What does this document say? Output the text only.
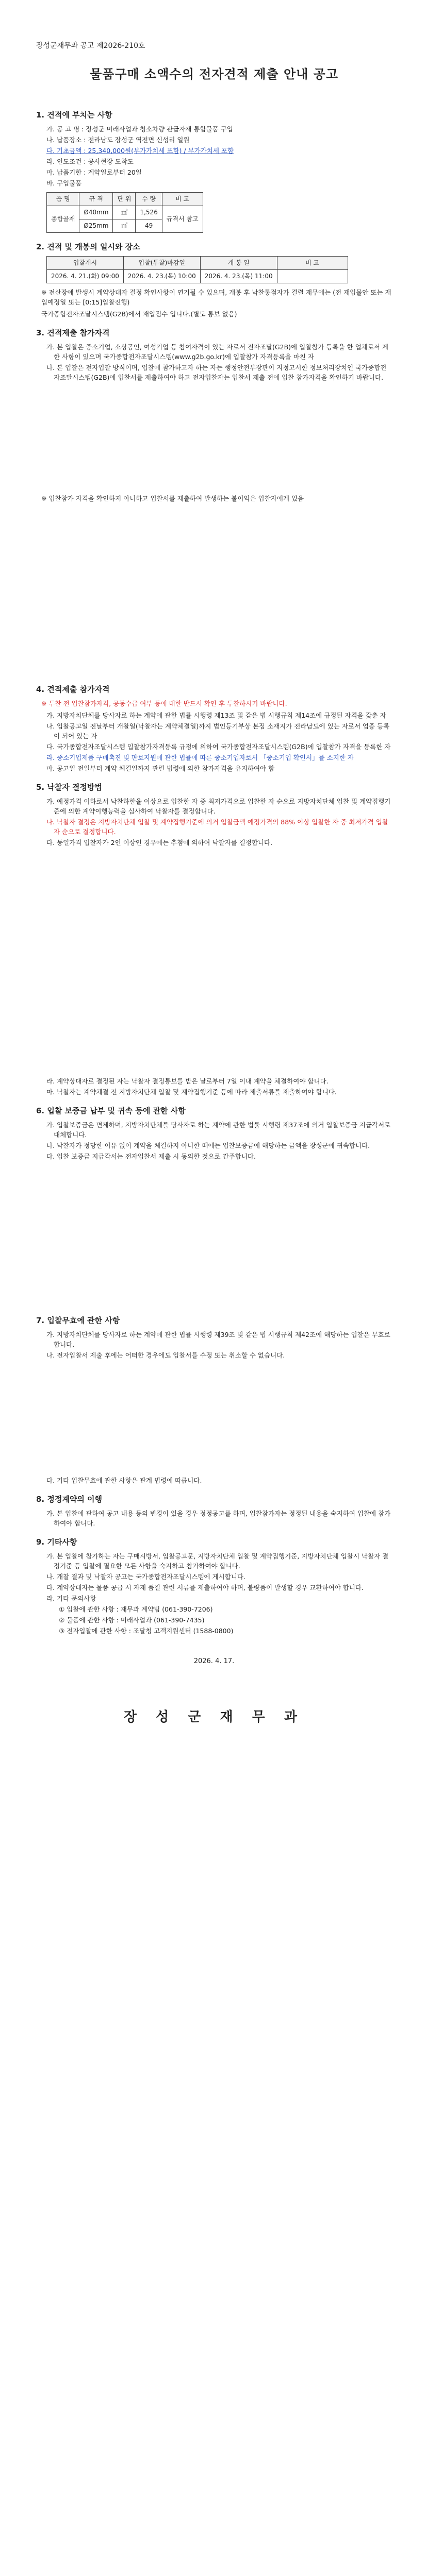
장성군재무과 공고 제2026-210호
물품구매 소액수의 전자견적 제출 안내 공고
1. 견적에 부치는 사항
가. 공 고 명 : 장성군 미래사업과 청소차량 관급자재 통합물품 구입
나. 납품장소 : 전라남도 장성군 역전면 신성리 일원
다. 기초금액 : 25,340,000원(부가가치세 포함) / 부가가치세 포함
라. 인도조건 : 공사현장 도착도
마. 납품기한 : 계약일로부터 20일
바. 구입물품
품 명	규 격	단 위	수 량	비 고
종합골재	Ø40mm	㎥	1,526	규격서 참고
	Ø25mm	㎥	49	
2. 견적 및 개봉의 일시와 장소
입찰개시	입찰(투찰)마감일	개 봉 일	비 고
2026. 4. 21.(화) 09:00	2026. 4. 23.(목) 10:00	2026. 4. 23.(목) 11:00	
※ 전산장애 발생시 계약상대자 결정 확인사항이 연기될 수 있으며, 개봉 후 낙찰통점자가 결렬 재무에는 (전 재입물안 또는 재입예정일 또는 [0:15]입찰진행)
국가종합전자조달시스템(G2B)에서 재입점수 입니다.(별도 통보 없음)
3. 견적제출 참가자격
가. 본 입찰은 중소기업, 소상공인, 여성기업 등 참여자격이 있는 자로서 전자조달(G2B)에 입찰참가 등록을 한 업체로서 제한 사항이 있으며 국가종합전자조달시스템(www.g2b.go.kr)에 입찰참가 자격등록을 마친 자
나. 본 입찰은 전자입찰 방식이며, 입찰에 참가하고자 하는 자는 행정안전부장관이 지정고시한 정보처리장치인 국가종합전자조달시스템(G2B)에 입찰서를 제출하여야 하고 전자입찰자는 입찰서 제출 전에 입찰 참가자격을 확인하기 바랍니다.
※ 입찰참가 자격을 확인하지 아니하고 입찰서를 제출하여 발생하는 불이익은 입찰자에게 있음
4. 견적제출 참가자격
※ 투찰 전 입찰참가자격, 공동수급 여부 등에 대한 반드시 확인 후 투찰하시기 바랍니다.
가. 지방자치단체를 당사자로 하는 계약에 관한 법률 시행령 제13조 및 같은 법 시행규칙 제14조에 규정된 자격을 갖춘 자
나. 입찰공고일 전날부터 개찰일(낙찰자는 계약체결일)까지 법인등기부상 본점 소재지가 전라남도에 있는 자로서 업종 등록이 되어 있는 자
다. 국가종합전자조달시스템 입찰참가자격등록 규정에 의하여 국가종합전자조달시스템(G2B)에 입찰참가 자격을 등록한 자
라. 중소기업제품 구매촉진 및 판로지원에 관한 법률에 따른 중소기업자로서 「중소기업 확인서」를 소지한 자
마. 공고일 전일부터 계약 체결일까지 관련 법령에 의한 참가자격을 유지하여야 함
5. 낙찰자 결정방법
가. 예정가격 이하로서 낙찰하한율 이상으로 입찰한 자 중 최저가격으로 입찰한 자 순으로 지방자치단체 입찰 및 계약집행기준에 의한 계약이행능력을 심사하여 낙찰자를 결정합니다.
나. 낙찰자 결정은 지방자치단체 입찰 및 계약집행기준에 의거 입찰금액 예정가격의 88% 이상 입찰한 자 중 최저가격 입찰자 순으로 결정합니다.
다. 동일가격 입찰자가 2인 이상인 경우에는 추첨에 의하여 낙찰자를 결정합니다.
라. 계약상대자로 결정된 자는 낙찰자 결정통보를 받은 날로부터 7일 이내 계약을 체결하여야 합니다.
마. 낙찰자는 계약체결 전 지방자치단체 입찰 및 계약집행기준 등에 따라 제출서류를 제출하여야 합니다.
6. 입찰 보증금 납부 및 귀속 등에 관한 사항
가. 입찰보증금은 면제하며, 지방자치단체를 당사자로 하는 계약에 관한 법률 시행령 제37조에 의거 입찰보증금 지급각서로 대체합니다.
나. 낙찰자가 정당한 이유 없이 계약을 체결하지 아니한 때에는 입찰보증금에 해당하는 금액을 장성군에 귀속합니다.
다. 입찰 보증금 지급각서는 전자입찰서 제출 시 동의한 것으로 간주합니다.
7. 입찰무효에 관한 사항
가. 지방자치단체를 당사자로 하는 계약에 관한 법률 시행령 제39조 및 같은 법 시행규칙 제42조에 해당하는 입찰은 무효로 합니다.
나. 전자입찰서 제출 후에는 어떠한 경우에도 입찰서를 수정 또는 취소할 수 없습니다.
다. 기타 입찰무효에 관한 사항은 관계 법령에 따릅니다.
8. 정정계약의 이행
가. 본 입찰에 관하여 공고 내용 등의 변경이 있을 경우 정정공고를 하며, 입찰참가자는 정정된 내용을 숙지하여 입찰에 참가하여야 합니다.
9. 기타사항
가. 본 입찰에 참가하는 자는 구매시방서, 입찰공고문, 지방자치단체 입찰 및 계약집행기준, 지방자치단체 입찰시 낙찰자 결정기준 등 입찰에 필요한 모든 사항을 숙지하고 참가하여야 합니다.
나. 개찰 결과 및 낙찰자 공고는 국가종합전자조달시스템에 게시합니다.
다. 계약상대자는 물품 공급 시 자재 품질 관련 서류를 제출하여야 하며, 불량품이 발생할 경우 교환하여야 합니다.
라. 기타 문의사항
① 입찰에 관한 사항 : 재무과 계약팀 (061-390-7206)
② 물품에 관한 사항 : 미래사업과 (061-390-7435)
③ 전자입찰에 관한 사항 : 조달청 고객지원센터 (1588-0800)
2026. 4. 17.
장 성 군 재 무 과
